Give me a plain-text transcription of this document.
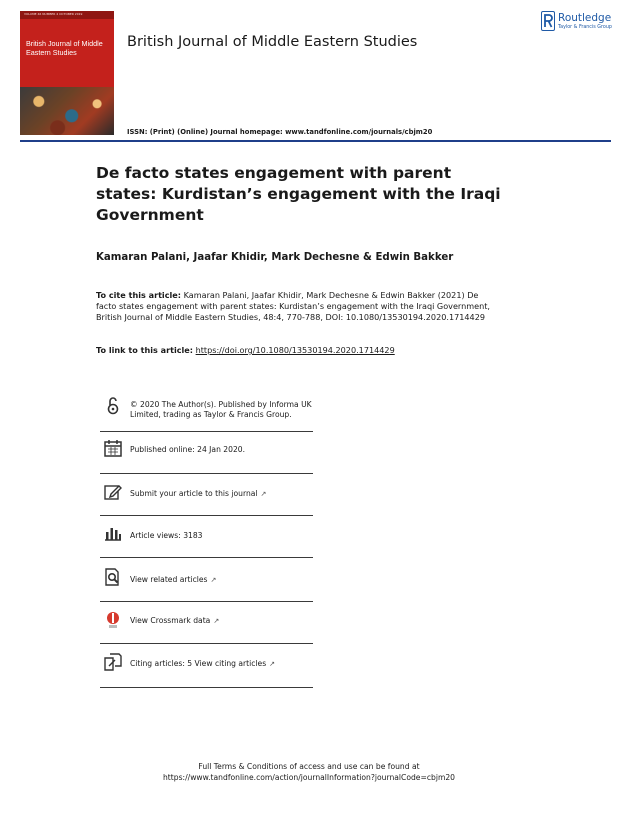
VOLUME 46 NUMBER 4 OCTOBER 2019
British Journal of Middle Eastern Studies
British Journal of Middle Eastern Studies
ISSN: (Print) (Online) Journal homepage: www.tandfonline.com/journals/cbjm20
Routledge
Taylor & Francis Group
De facto states engagement with parent states: Kurdistan’s engagement with the Iraqi Government
Kamaran Palani, Jaafar Khidir, Mark Dechesne & Edwin Bakker
To cite this article: Kamaran Palani, Jaafar Khidir, Mark Dechesne & Edwin Bakker (2021) De facto states engagement with parent states: Kurdistan’s engagement with the Iraqi Government, British Journal of Middle Eastern Studies, 48:4, 770-788, DOI: 10.1080/13530194.2020.1714429
To link to this article: https://doi.org/10.1080/13530194.2020.1714429
© 2020 The Author(s). Published by Informa UK Limited, trading as Taylor & Francis Group.
Published online: 24 Jan 2020.
Submit your article to this journal ↗
Article views: 3183
View related articles ↗
View Crossmark data ↗
Citing articles: 5 View citing articles ↗
Full Terms & Conditions of access and use can be found at
https://www.tandfonline.com/action/journalInformation?journalCode=cbjm20
